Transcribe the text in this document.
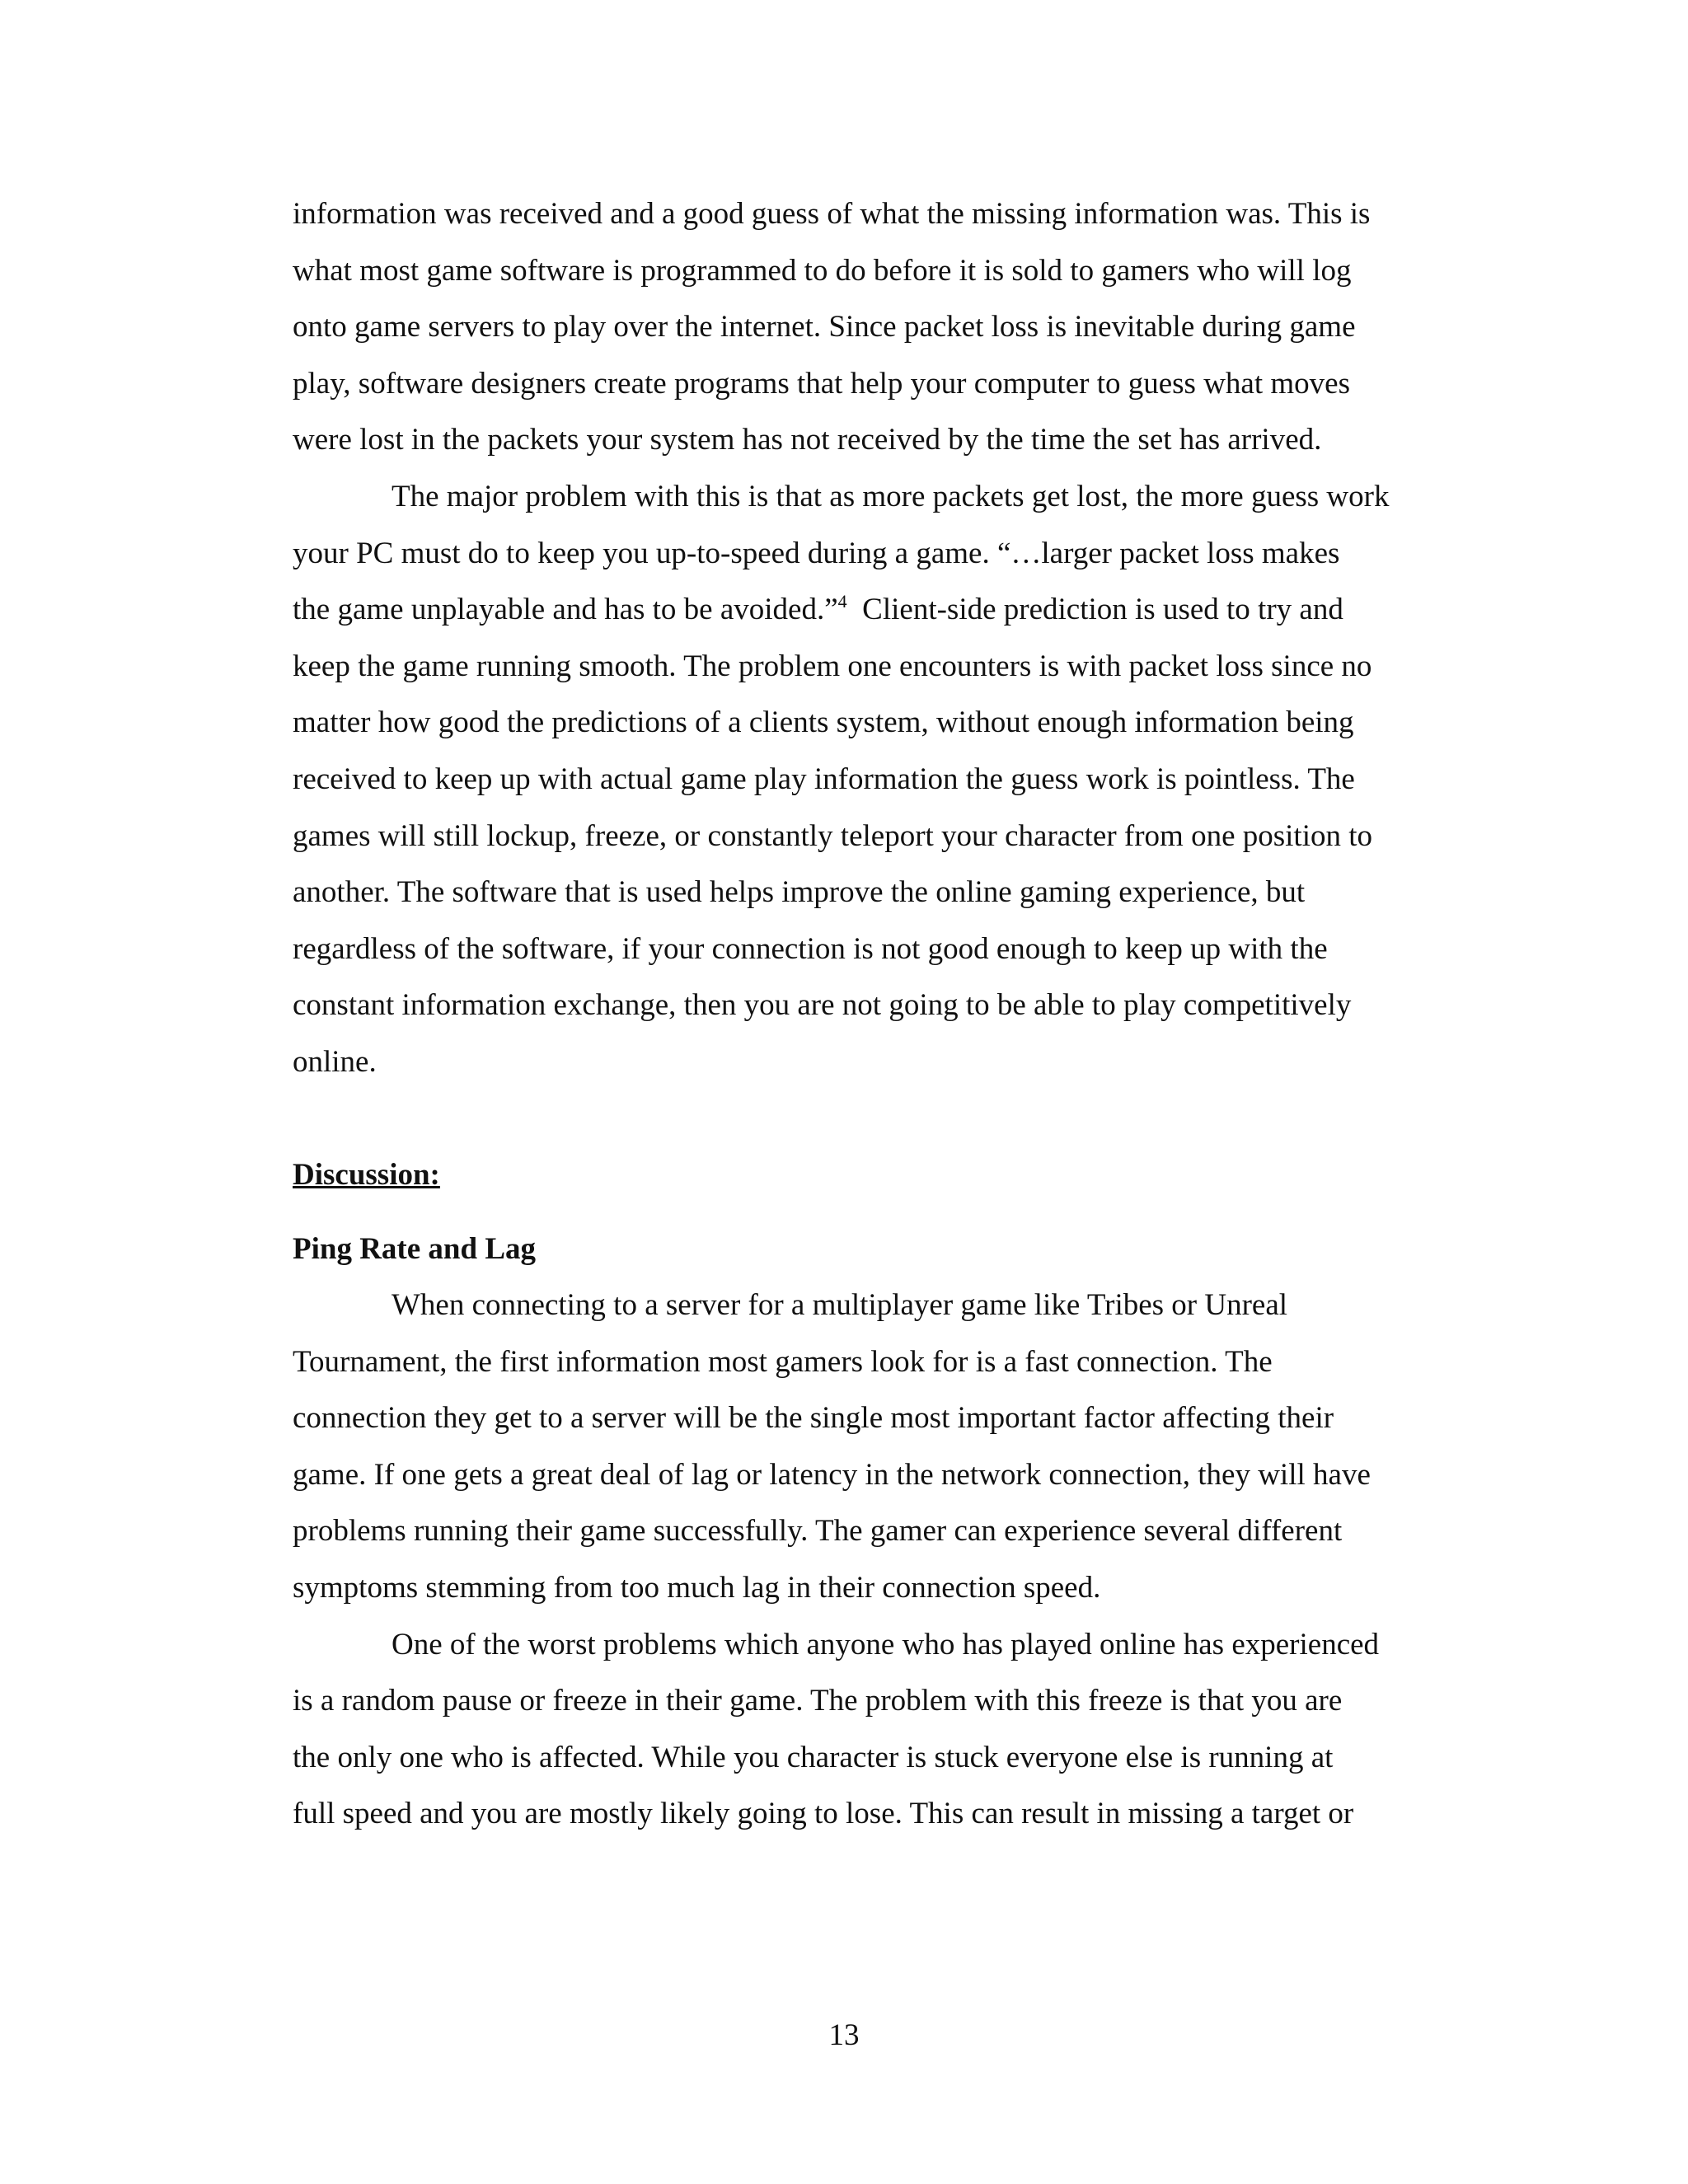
information was received and a good guess of what the missing information was. This is
what most game software is programmed to do before it is sold to gamers who will log
onto game servers to play over the internet. Since packet loss is inevitable during game
play, software designers create programs that help your computer to guess what moves
were lost in the packets your system has not received by the time the set has arrived.
The major problem with this is that as more packets get lost, the more guess work
your PC must do to keep you up-to-speed during a game. “…larger packet loss makes
the game unplayable and has to be avoided.”$^4$  Client-side prediction is used to try and
keep the game running smooth. The problem one encounters is with packet loss since no
matter how good the predictions of a clients system, without enough information being
received to keep up with actual game play information the guess work is pointless. The
games will still lockup, freeze, or constantly teleport your character from one position to
another. The software that is used helps improve the online gaming experience, but
regardless of the software, if your connection is not good enough to keep up with the
constant information exchange, then you are not going to be able to play competitively
online.
Discussion:
Ping Rate and Lag
When connecting to a server for a multiplayer game like Tribes or Unreal
Tournament, the first information most gamers look for is a fast connection. The
connection they get to a server will be the single most important factor affecting their
game. If one gets a great deal of lag or latency in the network connection, they will have
problems running their game successfully. The gamer can experience several different
symptoms stemming from too much lag in their connection speed.
One of the worst problems which anyone who has played online has experienced
is a random pause or freeze in their game. The problem with this freeze is that you are
the only one who is affected. While you character is stuck everyone else is running at
full speed and you are mostly likely going to lose. This can result in missing a target or
13
